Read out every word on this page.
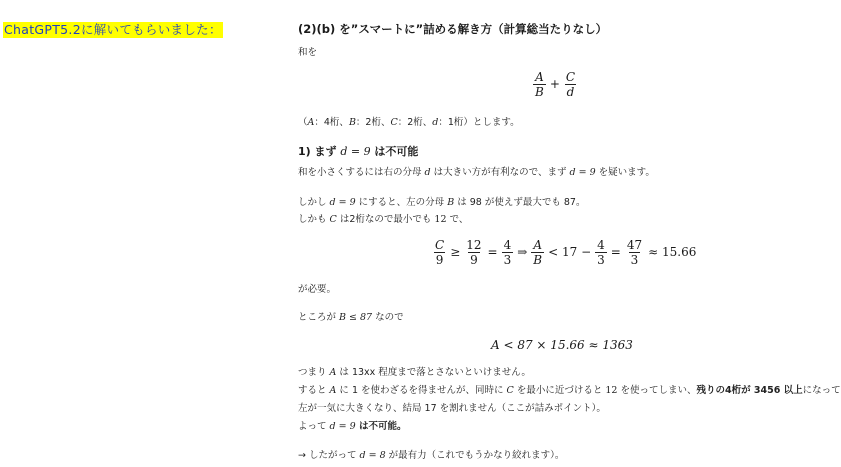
ChatGPT5.2に解いてもらいました：	(2)(b) を”スマートに”詰める解き方（計算総当たりなし）
和を
$\frac{A}{B} + \frac{C}{d}$
（A：4桁、B：2桁、C：2桁、d：1桁）とします。
1) まず d = 9 は不可能
和を小さくするには右の分母 d は大きい方が有利なので、まず d = 9 を疑います。
しかし d = 9 にすると、左の分母 B は 98 が使えず最大でも 87。
しかも C は2桁なので最小でも 12 で、
$\frac{C}{9} \ge \frac{12}{9} = \frac{4}{3}$ ⇒ $\frac{A}{B} < 17 - \frac{4}{3} = \frac{47}{3} \approx 15.66$
が必要。
ところが B ≤ 87 なので
A < 87 × 15.66 ≈ 1363
つまり A は 13xx 程度まで落とさないといけません。
すると A に 1 を使わざるを得ませんが、同時に C を最小に近づけると 12 を使ってしまい、残りの4桁が 3456 以上になって
左が一気に大きくなり、結局 17 を割れません（ここが詰みポイント）。
よって d = 9 は不可能。
→ したがって d = 8 が最有力（これでもうかなり絞れます）。
